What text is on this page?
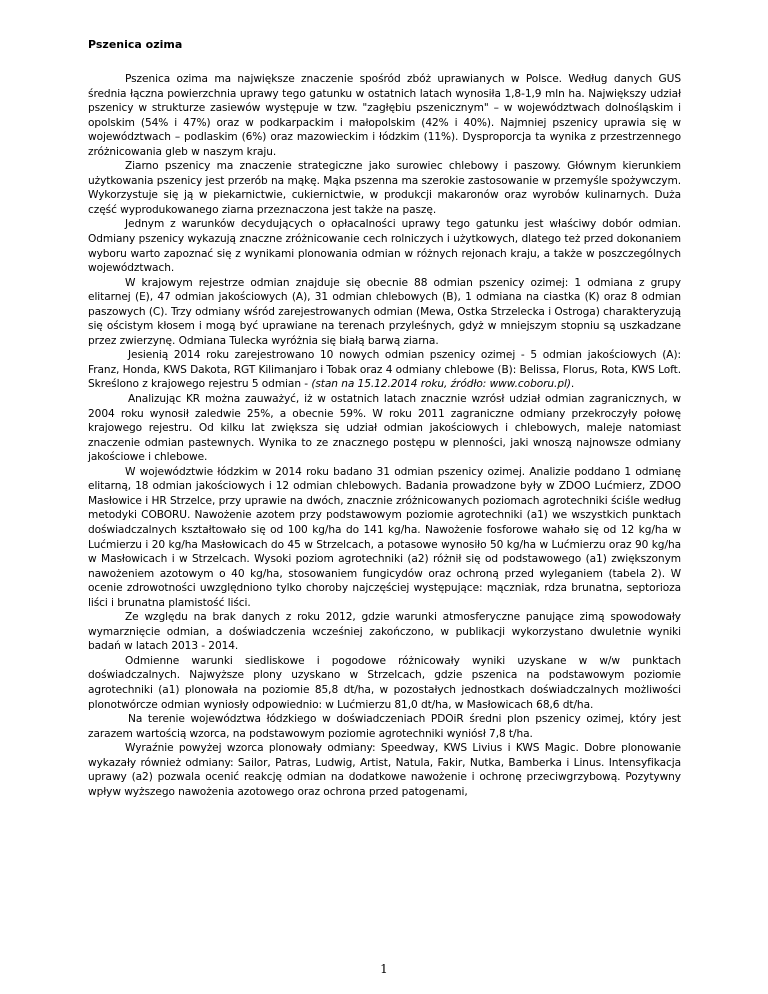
Pszenica ozima

Pszenica ozima ma największe znaczenie spośród zbóż uprawianych w Polsce. Według danych GUS średnia łączna powierzchnia uprawy tego gatunku w ostatnich latach wynosiła 1,8-1,9 mln ha. Największy udział pszenicy w strukturze zasiewów występuje w tzw. "zagłębiu pszenicznym" – w województwach dolnośląskim i opolskim (54% i 47%) oraz w podkarpackim i małopolskim (42% i 40%). Najmniej pszenicy uprawia się w województwach – podlaskim (6%) oraz mazowieckim i łódzkim (11%). Dysproporcja ta wynika z przestrzennego zróżnicowania gleb w naszym kraju.

Ziarno pszenicy ma znaczenie strategiczne jako surowiec chlebowy i paszowy. Głównym kierunkiem użytkowania pszenicy jest przerób na mąkę. Mąka pszenna ma szerokie zastosowanie w przemyśle spożywczym. Wykorzystuje się ją w piekarnictwie, cukiernictwie, w produkcji makaronów oraz wyrobów kulinarnych. Duża część wyprodukowanego ziarna przeznaczona jest także na paszę.

Jednym z warunków decydujących o opłacalności uprawy tego gatunku jest właściwy dobór odmian. Odmiany pszenicy wykazują znaczne zróżnicowanie cech rolniczych i użytkowych, dlatego też przed dokonaniem wyboru warto zapoznać się z wynikami plonowania odmian w różnych rejonach kraju, a także w poszczególnych województwach.

W krajowym rejestrze odmian znajduje się obecnie 88 odmian pszenicy ozimej: 1 odmiana z grupy elitarnej (E), 47 odmian jakościowych (A), 31 odmian chlebowych (B), 1 odmiana na ciastka (K) oraz 8 odmian paszowych (C). Trzy odmiany wśród zarejestrowanych odmian (Mewa, Ostka Strzelecka i Ostroga) charakteryzują się ościstym kłosem i mogą być uprawiane na terenach przyleśnych, gdyż w mniejszym stopniu są uszkadzane przez zwierzynę. Odmiana Tulecka wyróżnia się białą barwą ziarna.

Jesienią 2014 roku zarejestrowano 10 nowych odmian pszenicy ozimej - 5 odmian jakościowych (A): Franz, Honda, KWS Dakota, RGT Kilimanjaro i Tobak oraz 4 odmiany chlebowe (B): Belissa, Florus, Rota, KWS Loft. Skreślono z krajowego rejestru 5 odmian - (stan na 15.12.2014 roku, źródło: www.coboru.pl).

Analizując KR można zauważyć, iż w ostatnich latach znacznie wzrósł udział odmian zagranicznych, w 2004 roku wynosił zaledwie 25%, a obecnie 59%. W roku 2011 zagraniczne odmiany przekroczyły połowę krajowego rejestru. Od kilku lat zwiększa się udział odmian jakościowych i chlebowych, maleje natomiast znaczenie odmian pastewnych. Wynika to ze znacznego postępu w plenności, jaki wnoszą najnowsze odmiany jakościowe i chlebowe.

W województwie łódzkim w 2014 roku badano 31 odmian pszenicy ozimej. Analizie poddano 1 odmianę elitarną, 18 odmian jakościowych i 12 odmian chlebowych. Badania prowadzone były w ZDOO Lućmierz, ZDOO Masłowice i HR Strzelce, przy uprawie na dwóch, znacznie zróżnicowanych poziomach agrotechniki ściśle według metodyki COBORU. Nawożenie azotem przy podstawowym poziomie agrotechniki (a1) we wszystkich punktach doświadczalnych kształtowało się od 100 kg/ha do 141 kg/ha. Nawożenie fosforowe wahało się od 12 kg/ha w Lućmierzu i 20 kg/ha Masłowicach do 45 w Strzelcach, a potasowe wynosiło 50 kg/ha w Lućmierzu oraz 90 kg/ha w Masłowicach i w Strzelcach. Wysoki poziom agrotechniki (a2) różnił się od podstawowego (a1) zwiększonym nawożeniem azotowym o 40 kg/ha, stosowaniem fungicydów oraz ochroną przed wyleganiem (tabela 2). W ocenie zdrowotności uwzględniono tylko choroby najczęściej występujące: mączniak, rdza brunatna, septorioza liści i brunatna plamistość liści.

Ze względu na brak danych z roku 2012, gdzie warunki atmosferyczne panujące zimą spowodowały wymarznięcie odmian, a doświadczenia wcześniej zakończono, w publikacji wykorzystano dwuletnie wyniki badań w latach 2013 - 2014.

Odmienne warunki siedliskowe i pogodowe różnicowały wyniki uzyskane w w/w punktach doświadczalnych. Najwyższe plony uzyskano w Strzelcach, gdzie pszenica na podstawowym poziomie agrotechniki (a1) plonowała na poziomie 85,8 dt/ha, w pozostałych jednostkach doświadczalnych możliwości plonotwórcze odmian wyniosły odpowiednio: w Lućmierzu 81,0 dt/ha, w Masłowicach 68,6 dt/ha.

Na terenie województwa łódzkiego w doświadczeniach PDOiR średni plon pszenicy ozimej, który jest zarazem wartością wzorca, na podstawowym poziomie agrotechniki wyniósł 7,8 t/ha.

Wyraźnie powyżej wzorca plonowały odmiany: Speedway, KWS Livius i KWS Magic. Dobre plonowanie wykazały również odmiany: Sailor, Patras, Ludwig, Artist, Natula, Fakir, Nutka, Bamberka i Linus. Intensyfikacja uprawy (a2) pozwala ocenić reakcję odmian na dodatkowe nawożenie i ochronę przeciwgrzybową. Pozytywny wpływ wyższego nawożenia azotowego oraz ochrona przed patogenami,

1
